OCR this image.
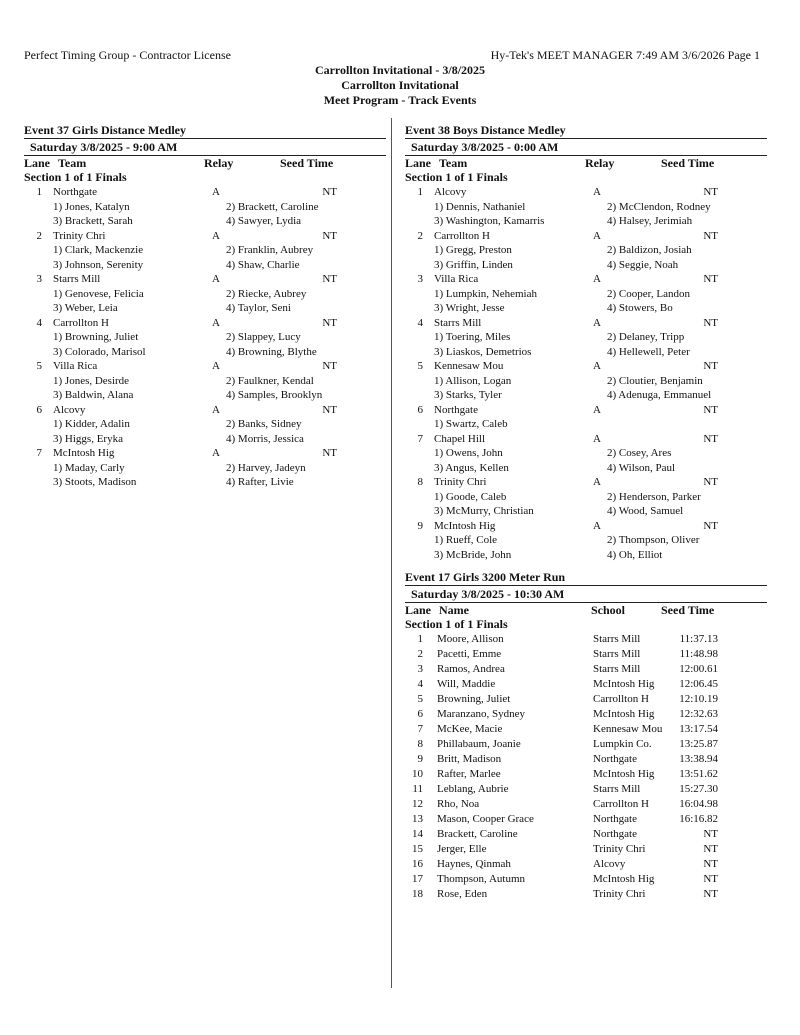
Perfect Timing Group - Contractor License	Hy-Tek's MEET MANAGER 7:49 AM 3/6/2026 Page 1
Carrollton Invitational - 3/8/2025
Carrollton Invitational
Meet Program - Track Events
Event 37 Girls Distance Medley
Saturday 3/8/2025 - 9:00 AM
Lane Team	Relay	Seed Time
Section 1 of 1 Finals
1 Northgate	A	NT
1) Jones, Katalyn	2) Brackett, Caroline
3) Brackett, Sarah	4) Sawyer, Lydia
2 Trinity Chri	A	NT
1) Clark, Mackenzie	2) Franklin, Aubrey
3) Johnson, Serenity	4) Shaw, Charlie
3 Starrs Mill	A	NT
1) Genovese, Felicia	2) Riecke, Aubrey
3) Weber, Leia	4) Taylor, Seni
4 Carrollton H	A	NT
1) Browning, Juliet	2) Slappey, Lucy
3) Colorado, Marisol	4) Browning, Blythe
5 Villa Rica	A	NT
1) Jones, Desirde	2) Faulkner, Kendal
3) Baldwin, Alana	4) Samples, Brooklyn
6 Alcovy	A	NT
1) Kidder, Adalin	2) Banks, Sidney
3) Higgs, Eryka	4) Morris, Jessica
7 McIntosh Hig	A	NT
1) Maday, Carly	2) Harvey, Jadeyn
3) Stoots, Madison	4) Rafter, Livie
Event 38 Boys Distance Medley
Saturday 3/8/2025 - 0:00 AM
Lane Team	Relay	Seed Time
Section 1 of 1 Finals
1 Alcovy	A	NT
1) Dennis, Nathaniel	2) McClendon, Rodney
3) Washington, Kamarris	4) Halsey, Jerimiah
2 Carrollton H	A	NT
1) Gregg, Preston	2) Baldizon, Josiah
3) Griffin, Linden	4) Seggie, Noah
3 Villa Rica	A	NT
1) Lumpkin, Nehemiah	2) Cooper, Landon
3) Wright, Jesse	4) Stowers, Bo
4 Starrs Mill	A	NT
1) Toering, Miles	2) Delaney, Tripp
3) Liaskos, Demetrios	4) Hellewell, Peter
5 Kennesaw Mou	A	NT
1) Allison, Logan	2) Cloutier, Benjamin
3) Starks, Tyler	4) Adenuga, Emmanuel
6 Northgate	A	NT
1) Swartz, Caleb
7 Chapel Hill	A	NT
1) Owens, John	2) Cosey, Ares
3) Angus, Kellen	4) Wilson, Paul
8 Trinity Chri	A	NT
1) Goode, Caleb	2) Henderson, Parker
3) McMurry, Christian	4) Wood, Samuel
9 McIntosh Hig	A	NT
1) Rueff, Cole	2) Thompson, Oliver
3) McBride, John	4) Oh, Elliot
Event 17 Girls 3200 Meter Run
Saturday 3/8/2025 - 10:30 AM
Lane Name	School	Seed Time
Section 1 of 1 Finals
1 Moore, Allison	Starrs Mill	11:37.13
2 Pacetti, Emme	Starrs Mill	11:48.98
3 Ramos, Andrea	Starrs Mill	12:00.61
4 Will, Maddie	McIntosh Hig	12:06.45
5 Browning, Juliet	Carrollton H	12:10.19
6 Maranzano, Sydney	McIntosh Hig	12:32.63
7 McKee, Macie	Kennesaw Mou	13:17.54
8 Phillabaum, Joanie	Lumpkin Co.	13:25.87
9 Britt, Madison	Northgate	13:38.94
10 Rafter, Marlee	McIntosh Hig	13:51.62
11 Leblang, Aubrie	Starrs Mill	15:27.30
12 Rho, Noa	Carrollton H	16:04.98
13 Mason, Cooper Grace	Northgate	16:16.82
14 Brackett, Caroline	Northgate	NT
15 Jerger, Elle	Trinity Chri	NT
16 Haynes, Qinmah	Alcovy	NT
17 Thompson, Autumn	McIntosh Hig	NT
18 Rose, Eden	Trinity Chri	NT
